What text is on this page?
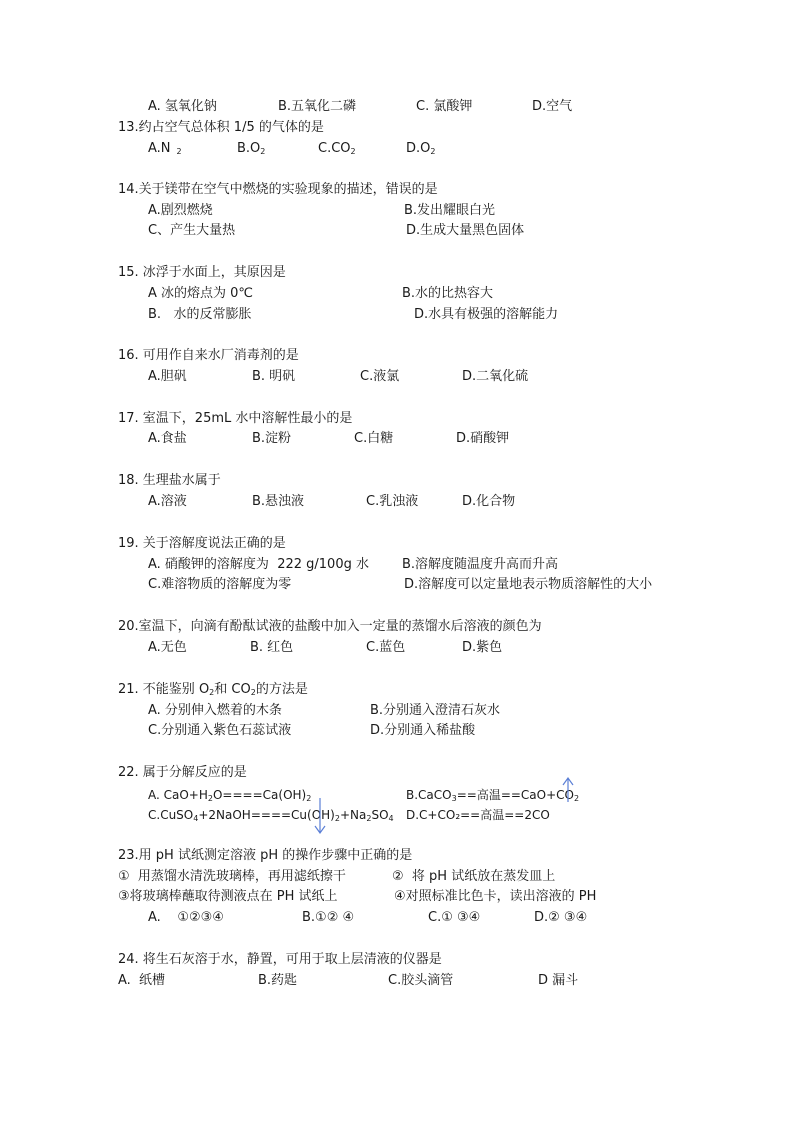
A. 氢氧化钠	B.五氧化二磷	C. 氯酸钾	D.空气
13.约占空气总体积 1/5 的气体的是
A.N $_2$	$B.O_2$	$C.CO_2$	$D.O_2$
14.关于镁带在空气中燃烧的实验现象的描述，错误的是
A.剧烈燃烧	B.发出耀眼白光
C、产生大量热	D.生成大量黑色固体
15. 冰浮于水面上，其原因是
A 冰的熔点为 0℃	B.水的比热容大
B.   水的反常膨胀	D.水具有极强的溶解能力
16. 可用作自来水厂消毒剂的是
A.胆矾	B. 明矾	C.液氯	D.二氧化硫
17. 室温下，25mL 水中溶解性最小的是
A.食盐	B.淀粉	C.白糖	D.硝酸钾
18. 生理盐水属于
A.溶液	B.悬浊液	C.乳浊液	D.化合物
19. 关于溶解度说法正确的是
A. 硝酸钾的溶解度为  222 g/100g 水	B.溶解度随温度升高而升高
C.难溶物质的溶解度为零	D.溶解度可以定量地表示物质溶解性的大小
20.室温下，向滴有酚酞试液的盐酸中加入一定量的蒸馏水后溶液的颜色为
A.无色	B. 红色	C.蓝色	D.紫色
21. 不能鉴别 $O_2$和 $CO_2$的方法是
A. 分别伸入燃着的木条	B.分别通入澄清石灰水
C.分别通入紫色石蕊试液	D.分别通入稀盐酸
22. 属于分解反应的是
A. $CaO+H_2O====Ca(OH)_2$	B.CaCO$_3$==高温$==CaO+CO_2$
$C.CuSO_4+2NaOH====Cu(OH)_2+Na_2SO_4$ D.C+CO₂==高温==2CO
23.用 pH 试纸测定溶液 pH 的操作步骤中正确的是
①  用蒸馏水清洗玻璃棒，再用滤纸擦干	②  将 pH 试纸放在蒸发皿上
③将玻璃棒蘸取待测液点在 PH 试纸上	④对照标准比色卡，读出溶液的 PH
A.    ①②③④	B.①② ④	C.① ③④	D.② ③④
24. 将生石灰溶于水，静置，可用于取上层清液的仪器是
A.  纸槽	B.药匙	C.胶头滴管	D 漏斗
